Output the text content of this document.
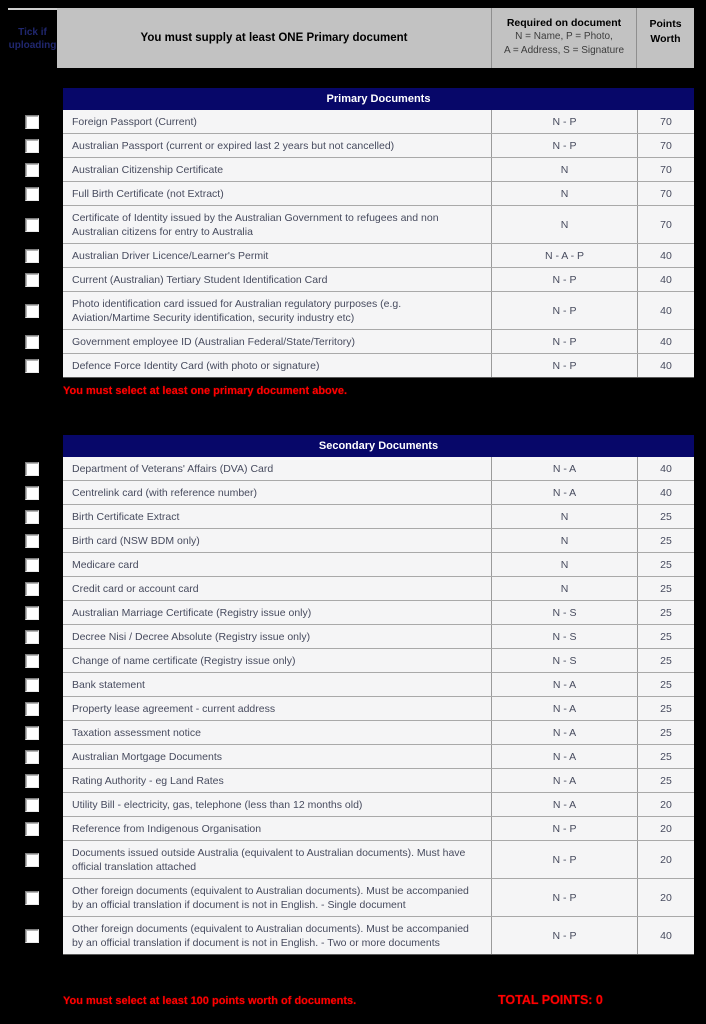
Tick if
uploading
You must supply at least ONE Primary document
Required on document
N = Name, P = Photo,
A = Address, S = Signature
Points
Worth
Primary Documents
Foreign Passport (Current)	N - P	70
Australian Passport (current or expired last 2 years but not cancelled)	N - P	70
Australian Citizenship Certificate	N	70
Full Birth Certificate (not Extract)	N	70
Certificate of Identity issued by the Australian Government to refugees and non Australian citizens for entry to Australia
N	70
Australian Driver Licence/Learner's Permit	N - A - P	40
Current (Australian) Tertiary Student Identification Card	N - P	40
Photo identification card issued for Australian regulatory purposes (e.g. Aviation/Martime Security identification, security industry etc)
N - P	40
Government employee ID (Australian Federal/State/Territory)	N - P	40
Defence Force Identity Card (with photo or signature)	N - P	40
You must select at least one primary document above.
Secondary Documents
Department of Veterans' Affairs (DVA) Card	N - A	40
Centrelink card (with reference number)	N - A	40
Birth Certificate Extract	N	25
Birth card (NSW BDM only)	N	25
Medicare card	N	25
Credit card or account card	N	25
Australian Marriage Certificate (Registry issue only)	N - S	25
Decree Nisi / Decree Absolute (Registry issue only)	N - S	25
Change of name certificate (Registry issue only)	N - S	25
Bank statement	N - A	25
Property lease agreement - current address	N - A	25
Taxation assessment notice	N - A	25
Australian Mortgage Documents	N - A	25
Rating Authority - eg Land Rates	N - A	25
Utility Bill - electricity, gas, telephone (less than 12 months old)	N - A	20
Reference from Indigenous Organisation	N - P	20
Documents issued outside Australia (equivalent to Australian documents). Must have official translation attached
N - P	20
Other foreign documents (equivalent to Australian documents). Must be accompanied by an official translation if document is not in English. - Single document
N - P	20
Other foreign documents (equivalent to Australian documents). Must be accompanied by an official translation if document is not in English. - Two or more documents
N - P	40
You must select at least 100 points worth of documents.	TOTAL POINTS: 0
